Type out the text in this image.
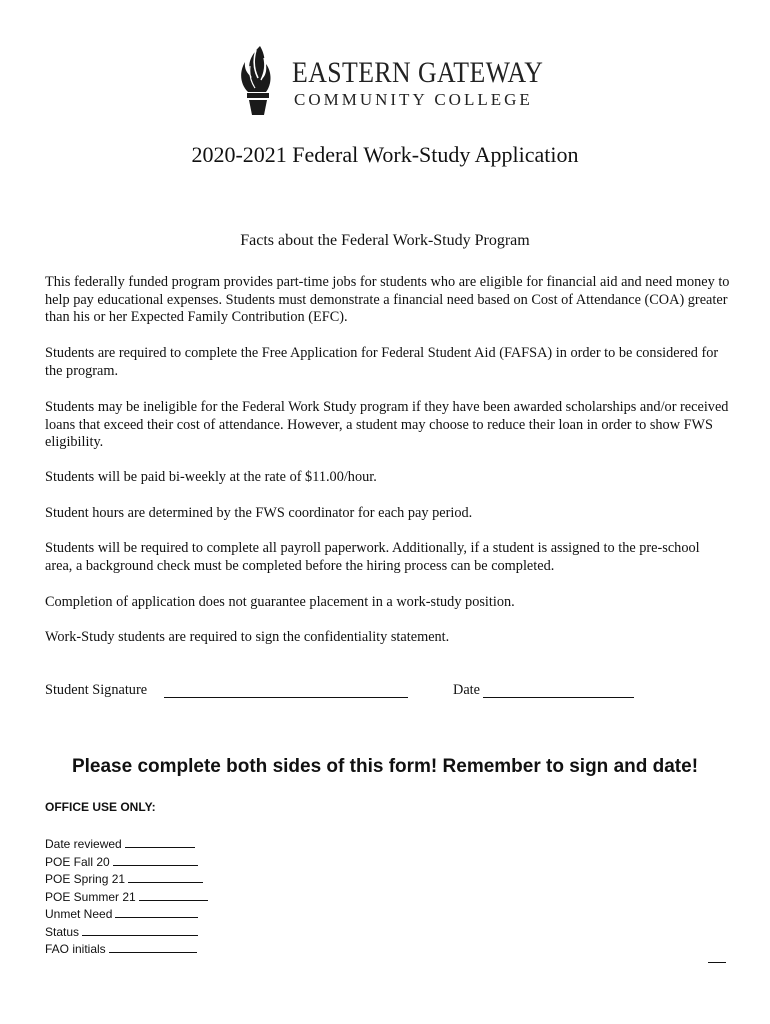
EASTERN GATEWAY
COMMUNITY COLLEGE
2020-2021 Federal Work-Study Application
Facts about the Federal Work-Study Program

This federally funded program provides part-time jobs for students who are eligible for financial aid and need money to help pay educational expenses. Students must demonstrate a financial need based on Cost of Attendance (COA) greater than his or her Expected Family Contribution (EFC).

Students are required to complete the Free Application for Federal Student Aid (FAFSA) in order to be considered for the program.

Students may be ineligible for the Federal Work Study program if they have been awarded scholarships and/or received loans that exceed their cost of attendance. However, a student may choose to reduce their loan in order to show FWS eligibility.

Students will be paid bi-weekly at the rate of $11.00/hour.

Student hours are determined by the FWS coordinator for each pay period.

Students will be required to complete all payroll paperwork. Additionally, if a student is assigned to the pre-school area, a background check must be completed before the hiring process can be completed.

Completion of application does not guarantee placement in a work-study position.

Work-Study students are required to sign the confidentiality statement.

Student Signature	Date
Please complete both sides of this form! Remember to sign and date!
OFFICE USE ONLY:
Date reviewed
POE Fall 20
POE Spring 21
POE Summer 21
Unmet Need
Status
FAO initials
